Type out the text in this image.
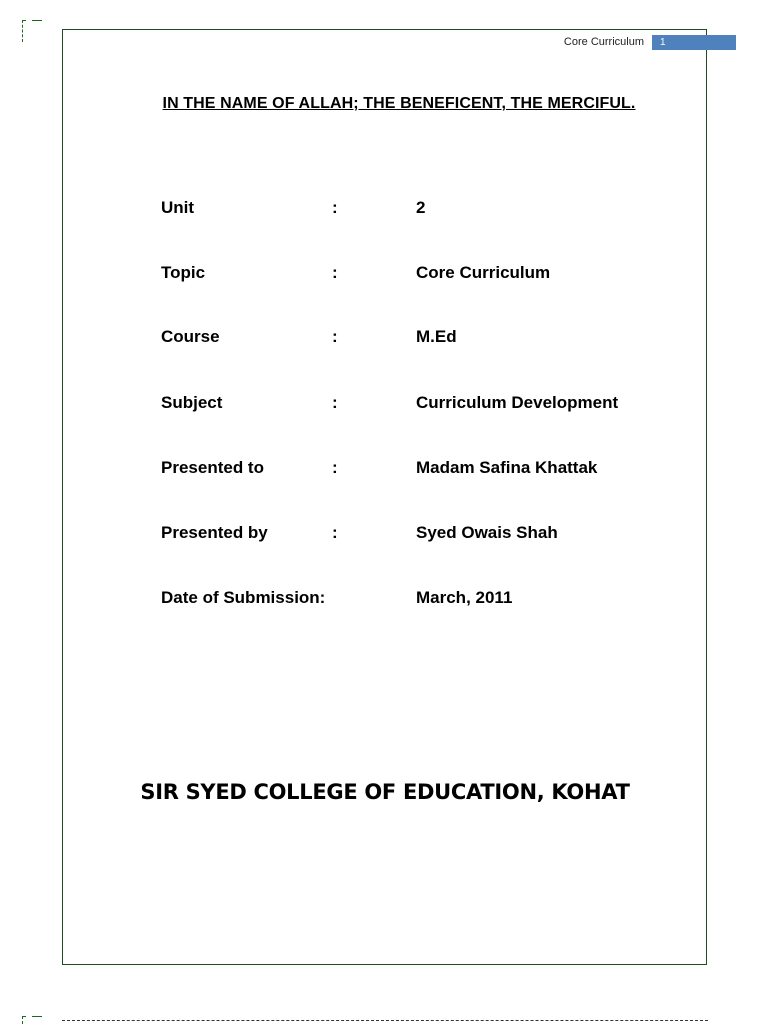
Core Curriculum	1
IN THE NAME OF ALLAH; THE BENEFICENT, THE MERCIFUL.
Unit	:	2
Topic	:	Core Curriculum
Course	:	M.Ed
Subject	:	Curriculum Development
Presented to	:	Madam Safina Khattak
Presented by	:	Syed Owais Shah
Date of Submission:	March, 2011
SIR SYED COLLEGE OF EDUCATION, KOHAT
